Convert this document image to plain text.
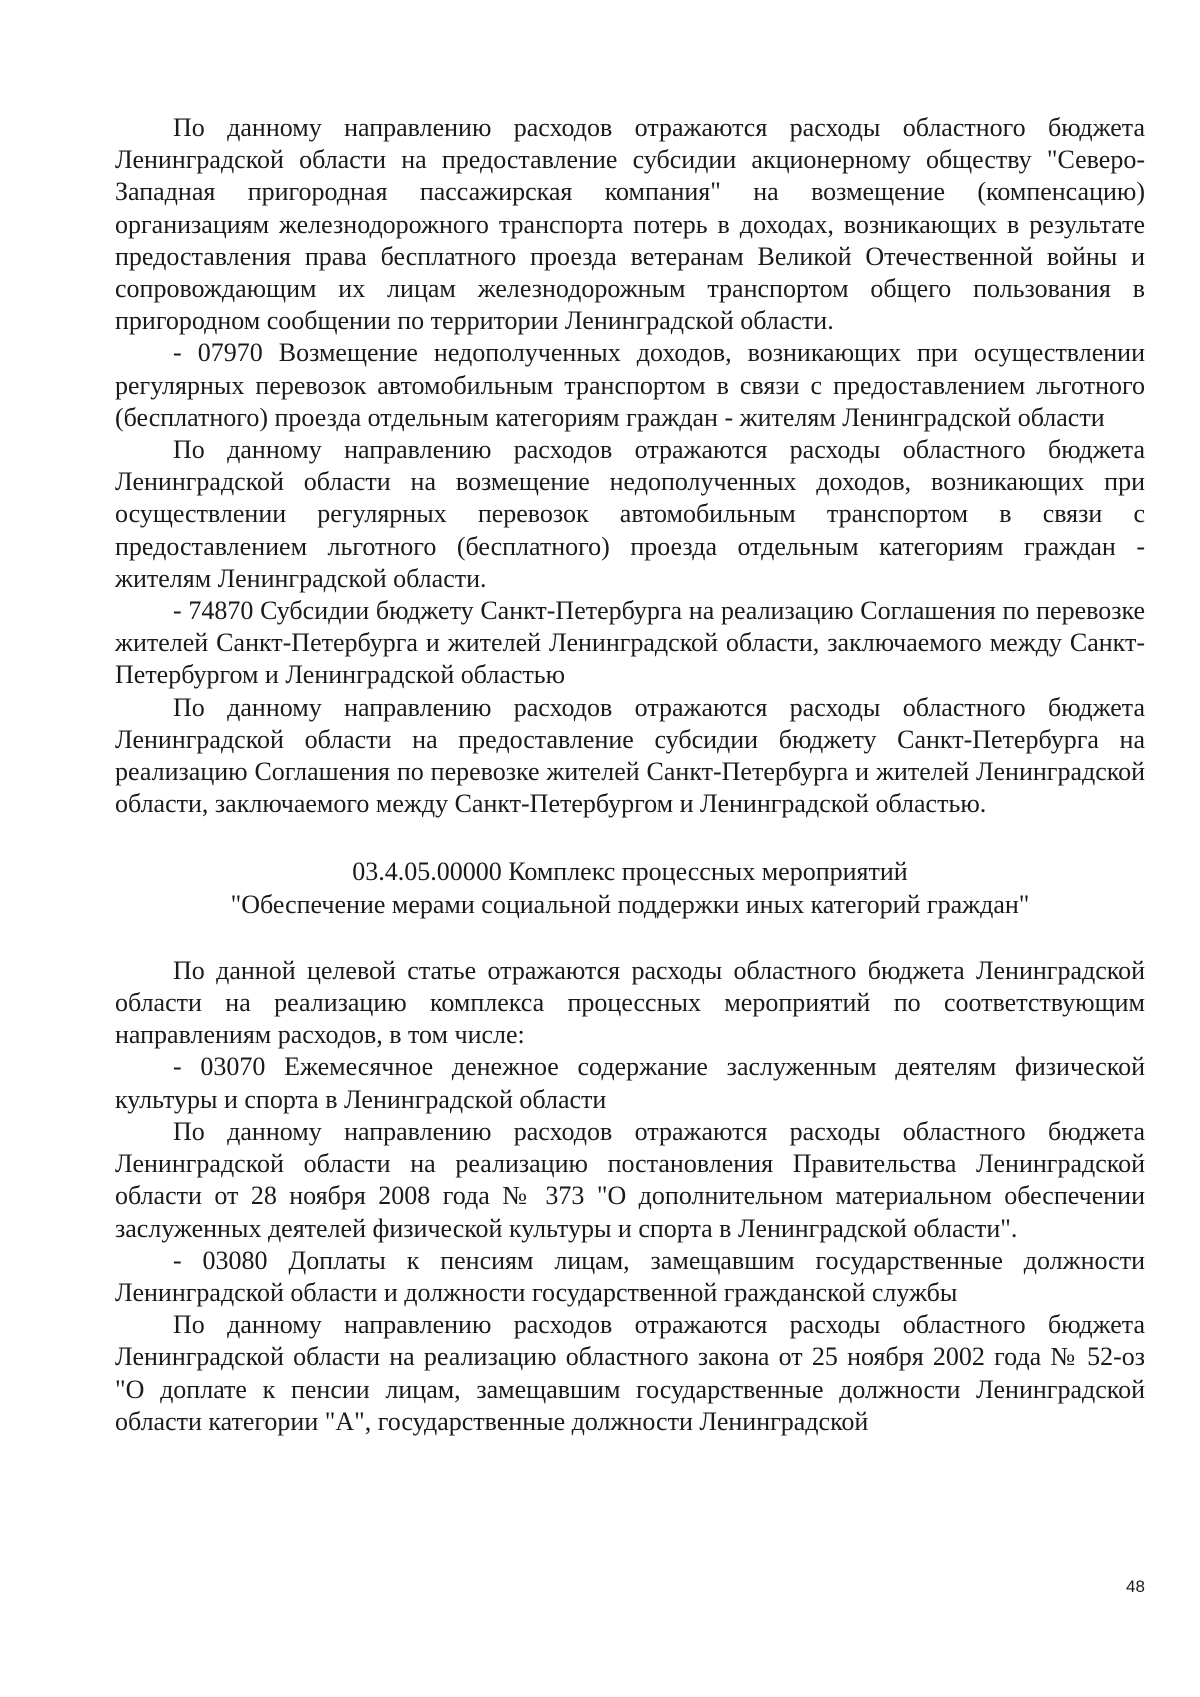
По данному направлению расходов отражаются расходы областного бюджета Ленинградской области на предоставление субсидии акционерному обществу "Северо-Западная пригородная пассажирская компания" на возмещение (компенсацию) организациям железнодорожного транспорта потерь в доходах, возникающих в результате предоставления права бесплатного проезда ветеранам Великой Отечественной войны и сопровождающим их лицам железнодорожным транспортом общего пользования в пригородном сообщении по территории Ленинградской области.

- 07970 Возмещение недополученных доходов, возникающих при осуществлении регулярных перевозок автомобильным транспортом в связи с предоставлением льготного (бесплатного) проезда отдельным категориям граждан - жителям Ленинградской области

По данному направлению расходов отражаются расходы областного бюджета Ленинградской области на возмещение недополученных доходов, возникающих при осуществлении регулярных перевозок автомобильным транспортом в связи с предоставлением льготного (бесплатного) проезда отдельным категориям граждан - жителям Ленинградской области.

- 74870 Субсидии бюджету Санкт-Петербурга на реализацию Соглашения по перевозке жителей Санкт-Петербурга и жителей Ленинградской области, заключаемого между Санкт-Петербургом и Ленинградской областью

По данному направлению расходов отражаются расходы областного бюджета Ленинградской области на предоставление субсидии бюджету Санкт-Петербурга на реализацию Соглашения по перевозке жителей Санкт-Петербурга и жителей Ленинградской области, заключаемого между Санкт-Петербургом и Ленинградской областью.

03.4.05.00000 Комплекс процессных мероприятий
"Обеспечение мерами социальной поддержки иных категорий граждан"

По данной целевой статье отражаются расходы областного бюджета Ленинградской области на реализацию комплекса процессных мероприятий по соответствующим направлениям расходов, в том числе:

- 03070 Ежемесячное денежное содержание заслуженным деятелям физической культуры и спорта в Ленинградской области

По данному направлению расходов отражаются расходы областного бюджета Ленинградской области на реализацию постановления Правительства Ленинградской области от 28 ноября 2008 года № 373 "О дополнительном материальном обеспечении заслуженных деятелей физической культуры и спорта в Ленинградской области".

- 03080 Доплаты к пенсиям лицам, замещавшим государственные должности Ленинградской области и должности государственной гражданской службы

По данному направлению расходов отражаются расходы областного бюджета Ленинградской области на реализацию областного закона от 25 ноября 2002 года № 52-оз "О доплате к пенсии лицам, замещавшим государственные должности Ленинградской области категории "А", государственные должности Ленинградской

48
